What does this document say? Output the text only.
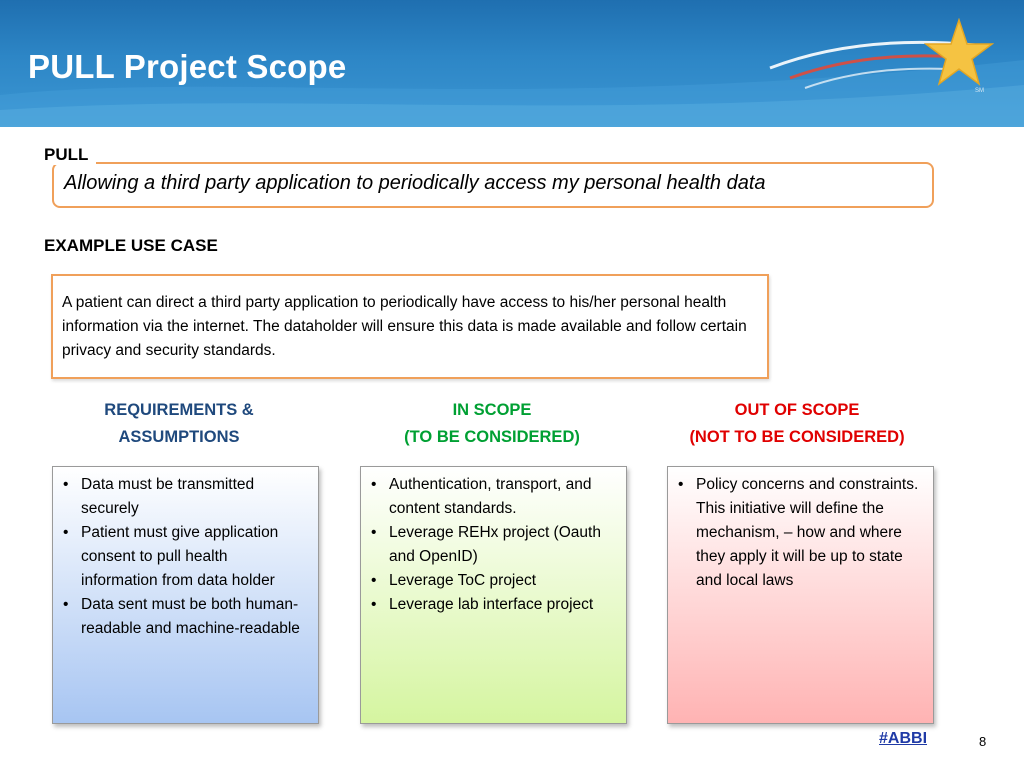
PULL Project Scope
SM
PULL
Allowing a third party application to periodically access my personal health data
EXAMPLE USE CASE
A patient can direct a third party application to periodically have access to his/her personal health information via the internet. The dataholder will ensure this data is made available and follow certain privacy and security standards.
REQUIREMENTS &
ASSUMPTIONS
• Data must be transmitted securely
• Patient must give application consent to pull health information from data holder
• Data sent must be both human-readable and machine-readable
IN SCOPE
(TO BE CONSIDERED)
• Authentication, transport, and content standards.
• Leverage REHx project (Oauth and OpenID)
• Leverage ToC project
• Leverage lab interface project
OUT OF SCOPE
(NOT TO BE CONSIDERED)
• Policy concerns and constraints. This initiative will define the mechanism, – how and where they apply it will be up to state and local laws
#ABBI	8
